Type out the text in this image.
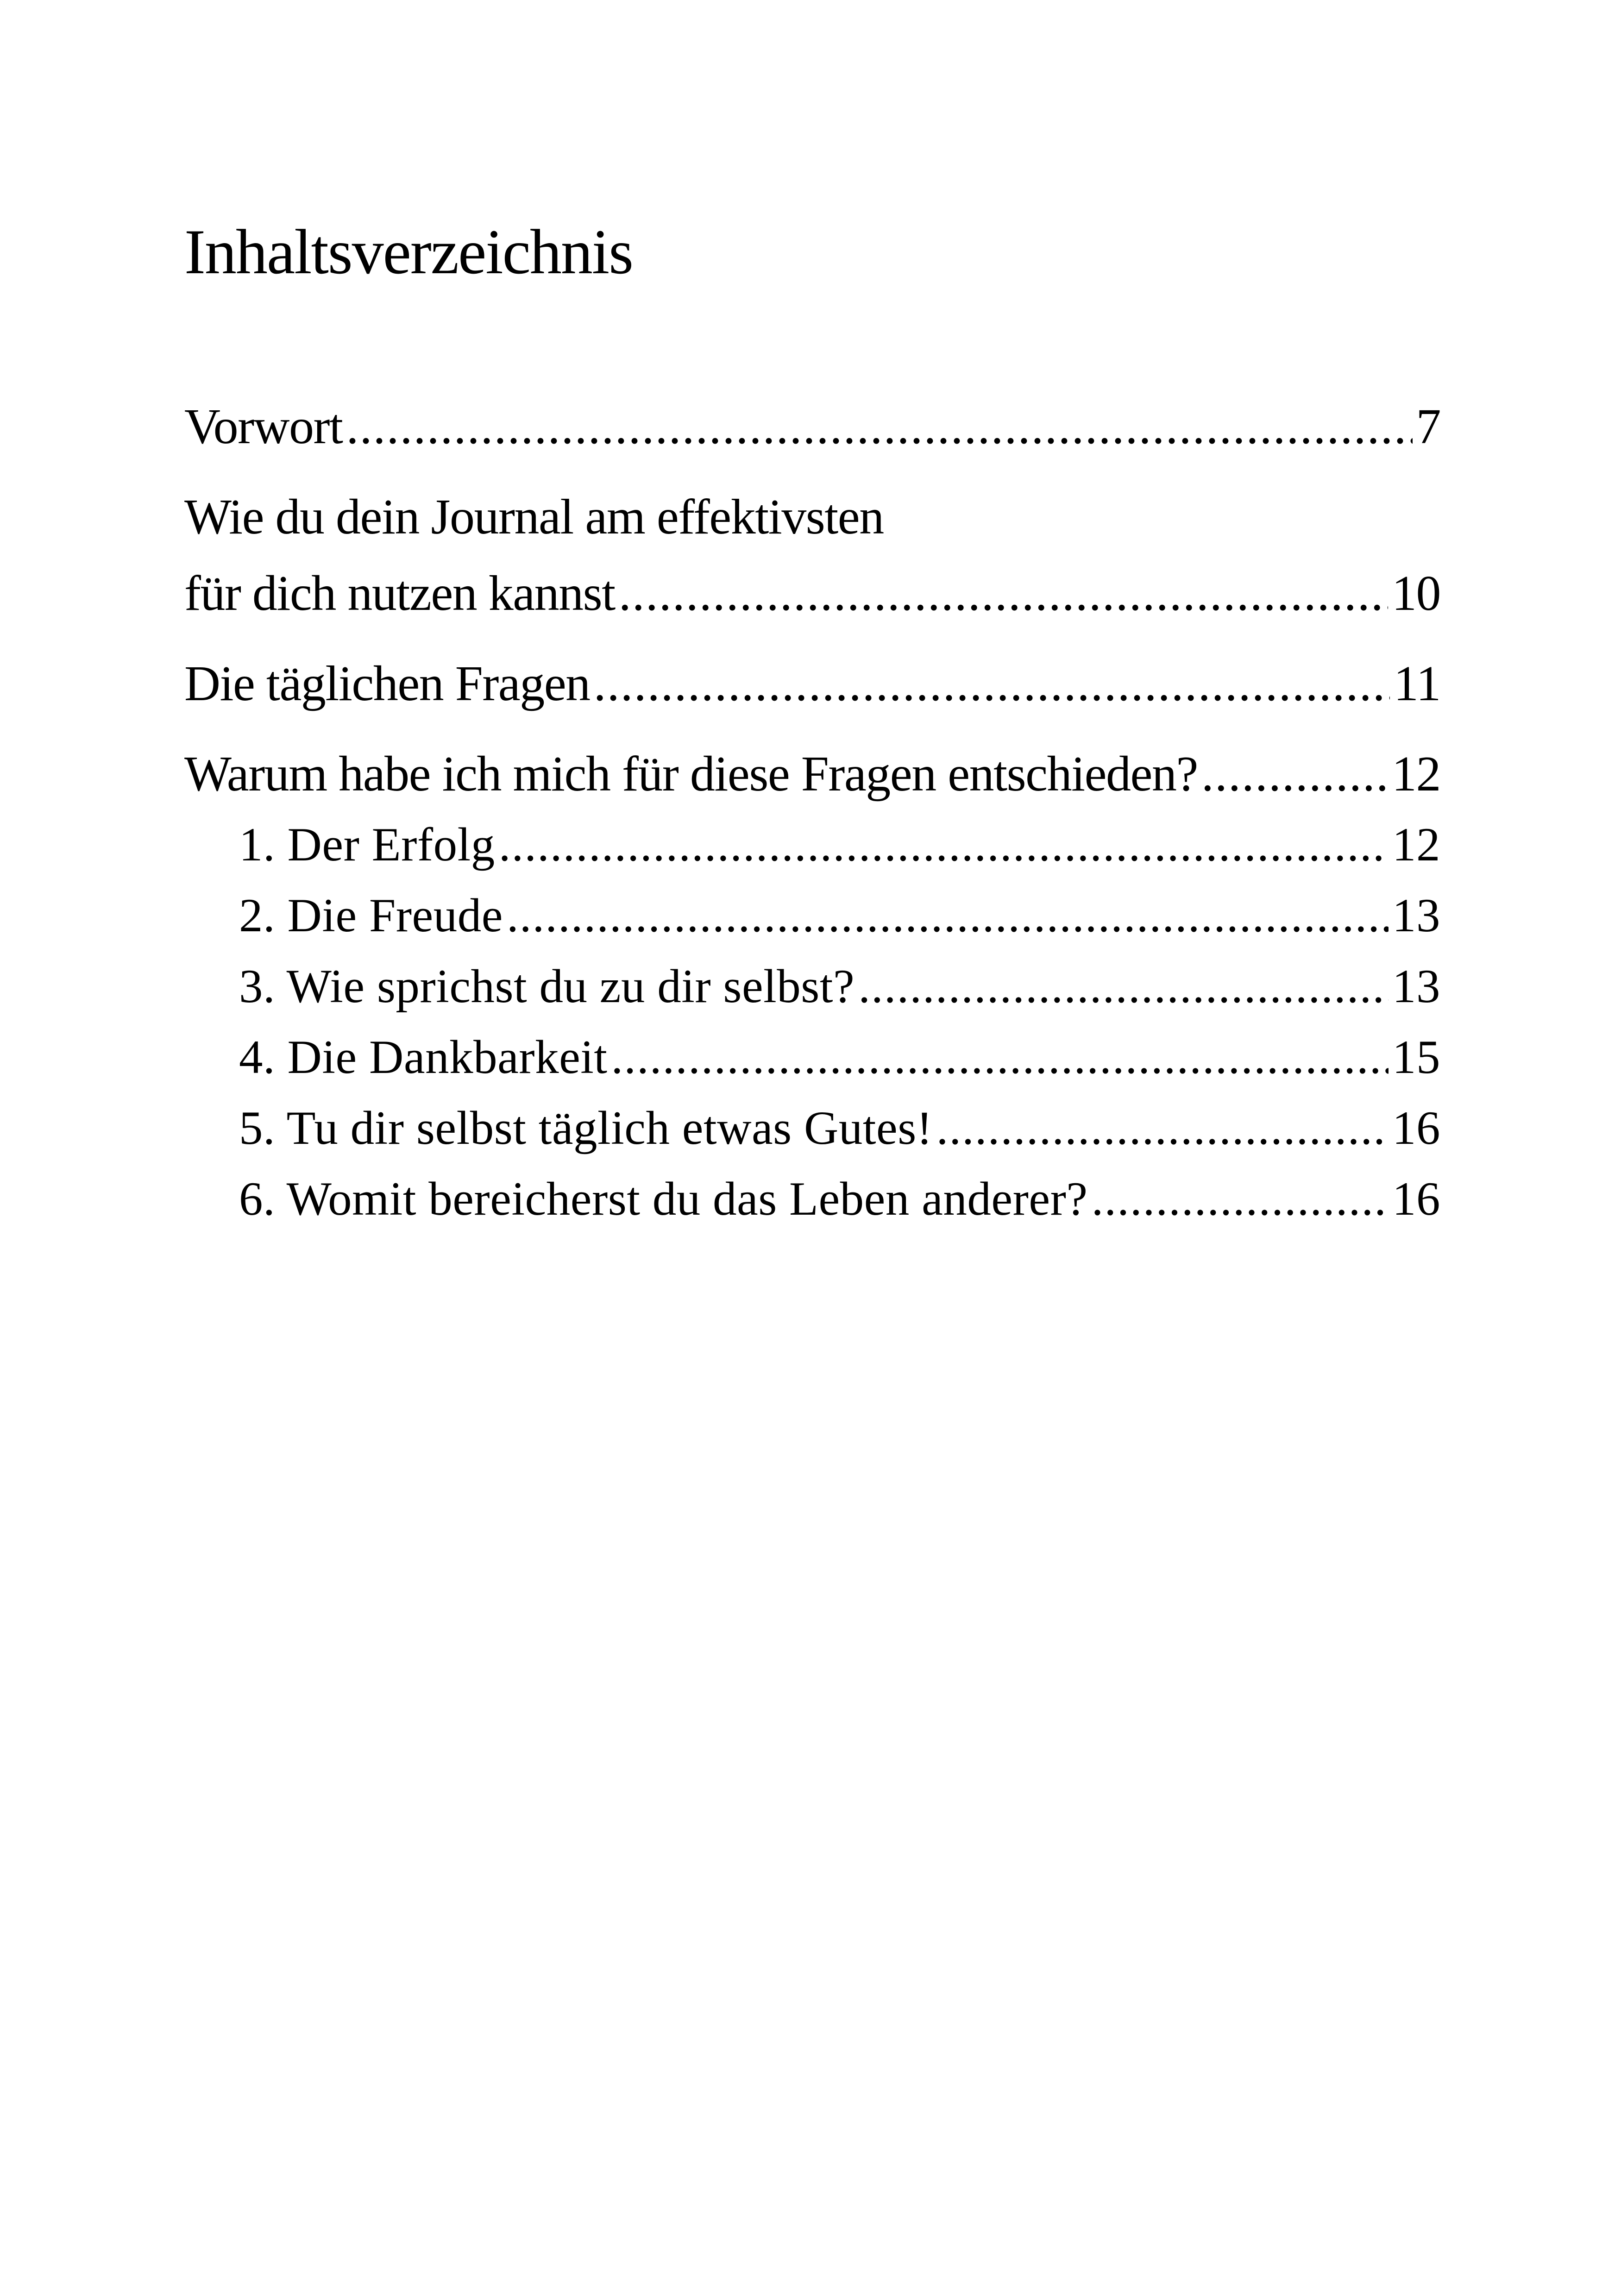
Inhaltsverzeichnis
Vorwort .....	7
Wie du dein Journal am effektivsten
für dich nutzen kannst .....	10
Die täglichen Fragen .....	11
Warum habe ich mich für diese Fragen entschieden? .....	12
1. Der Erfolg .....	12
2. Die Freude .....	13
3. Wie sprichst du zu dir selbst? .....	13
4. Die Dankbarkeit .....	15
5. Tu dir selbst täglich etwas Gutes! .....	16
6. Womit bereicherst du das Leben anderer? .....	16
